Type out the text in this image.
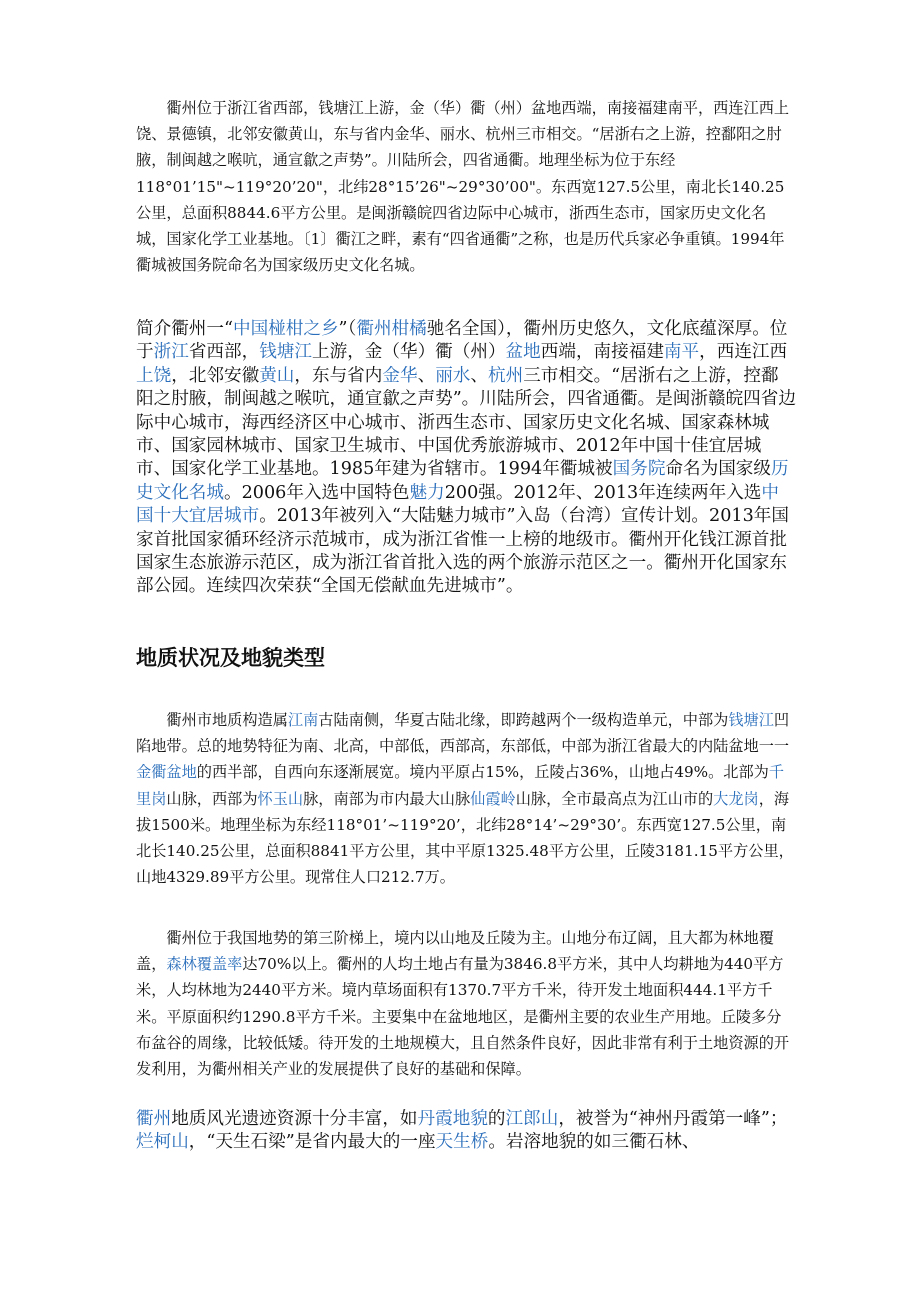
衢州位于浙江省西部，钱塘江上游，金（华）衢（州）盆地西端，南接福建南平，西连江西上饶、景德镇，北邻安徽黄山，东与省内金华、丽水、杭州三市相交。“居浙右之上游，控鄱阳之肘腋，制闽越之喉吭，通宣歙之声势”。川陆所会，四省通衢。地理坐标为位于东经118°01’15"~119°20’20"，北纬28°15’26"~29°30’00"。东西宽127.5公里，南北长140.25公里，总面积8844.6平方公里。是闽浙赣皖四省边际中心城市，浙西生态市，国家历史文化名城，国家化学工业基地。〔1〕衢江之畔，素有“四省通衢”之称，也是历代兵家必争重镇。1994年衢城被国务院命名为国家级历史文化名城。

简介衢州一“中国椪柑之乡”（衢州柑橘驰名全国），衢州历史悠久，文化底蕴深厚。位于浙江省西部，钱塘江上游，金（华）衢（州）盆地西端，南接福建南平，西连江西上饶，北邻安徽黄山，东与省内金华、丽水、杭州三市相交。“居浙右之上游，控鄱阳之肘腋，制闽越之喉吭，通宣歙之声势”。川陆所会，四省通衢。是闽浙赣皖四省边际中心城市，海西经济区中心城市、浙西生态市、国家历史文化名城、国家森林城市、国家园林城市、国家卫生城市、中国优秀旅游城市、2012年中国十佳宜居城市、国家化学工业基地。1985年建为省辖市。1994年衢城被国务院命名为国家级历史文化名城。2006年入选中国特色魅力200强。2012年、2013年连续两年入选中国十大宜居城市。2013年被列入“大陆魅力城市”入岛（台湾）宣传计划。2013年国家首批国家循环经济示范城市，成为浙江省惟一上榜的地级市。衢州开化钱江源首批国家生态旅游示范区，成为浙江省首批入选的两个旅游示范区之一。衢州开化国家东部公园。连续四次荣获“全国无偿献血先进城市”。

地质状况及地貌类型

衢州市地质构造属江南古陆南侧，华夏古陆北缘，即跨越两个一级构造单元，中部为钱塘江凹陷地带。总的地势特征为南、北高，中部低，西部高，东部低，中部为浙江省最大的内陆盆地一一金衢盆地的西半部，自西向东逐渐展宽。境内平原占15%，丘陵占36%，山地占49%。北部为千里岗山脉，西部为怀玉山脉，南部为市内最大山脉仙霞岭山脉，全市最高点为江山市的大龙岗，海拔1500米。地理坐标为东经118°01’~119°20’，北纬28°14’~29°30’。东西宽127.5公里，南北长140.25公里，总面积8841平方公里，其中平原1325.48平方公里，丘陵3181.15平方公里，山地4329.89平方公里。现常住人口212.7万。

衢州位于我国地势的第三阶梯上，境内以山地及丘陵为主。山地分布辽阔，且大都为林地覆盖，森林覆盖率达70%以上。衢州的人均土地占有量为3846.8平方米，其中人均耕地为440平方米，人均林地为2440平方米。境内草场面积有1370.7平方千米，待开发土地面积444.1平方千米。平原面积约1290.8平方千米。主要集中在盆地地区，是衢州主要的农业生产用地。丘陵多分布盆谷的周缘，比较低矮。待开发的土地规模大，且自然条件良好，因此非常有利于土地资源的开发利用，为衢州相关产业的发展提供了良好的基础和保障。

衢州地质风光遗迹资源十分丰富，如丹霞地貌的江郎山，被誉为“神州丹霞第一峰”；烂柯山，“天生石梁”是省内最大的一座天生桥。岩溶地貌的如三衢石林、
